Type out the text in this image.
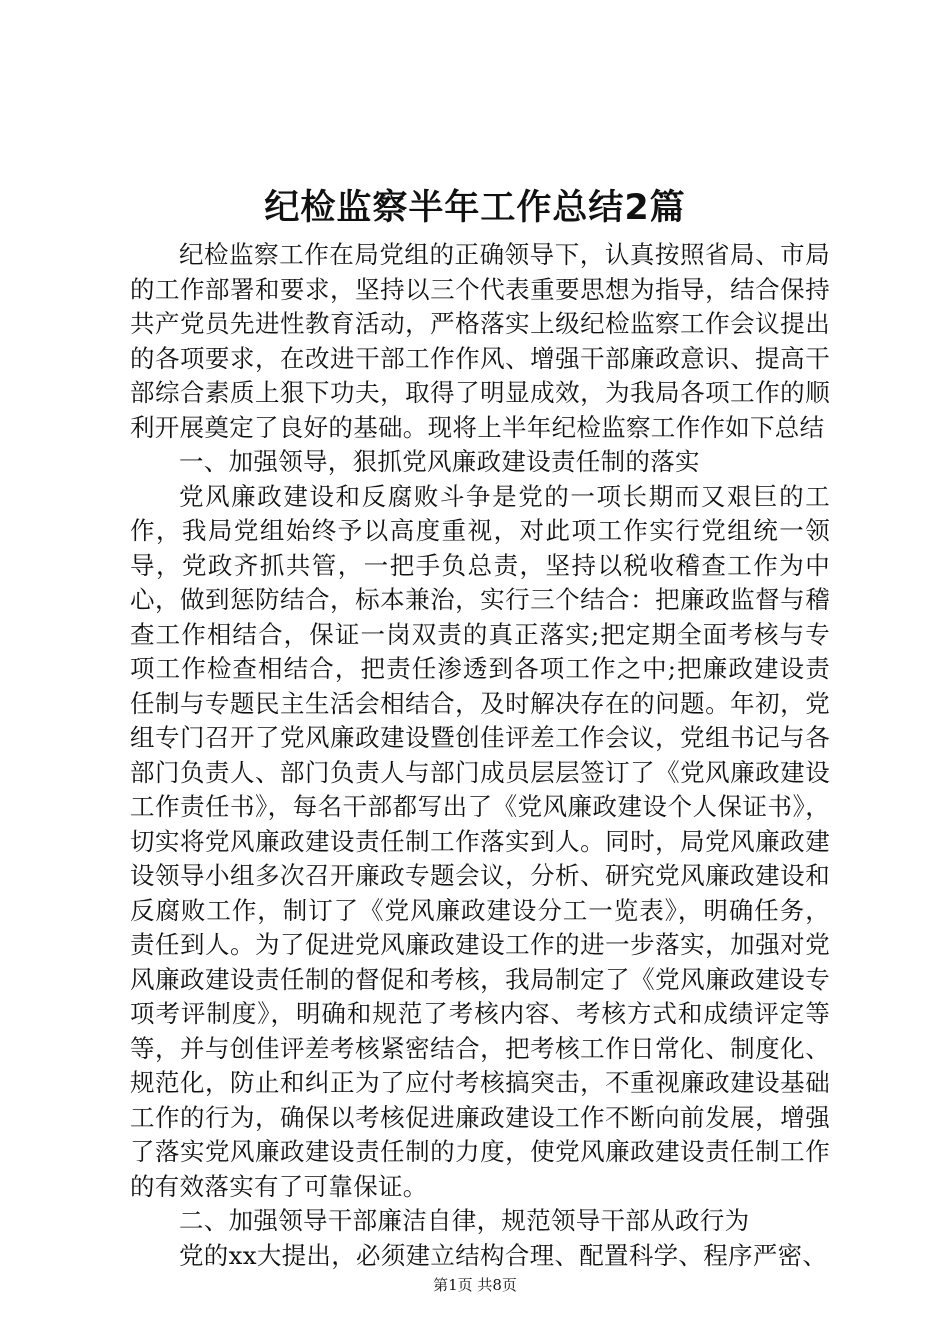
纪检监察半年工作总结2篇

纪检监察工作在局党组的正确领导下，认真按照省局、市局的工作部署和要求，坚持以三个代表重要思想为指导，结合保持共产党员先进性教育活动，严格落实上级纪检监察工作会议提出的各项要求，在改进干部工作作风、增强干部廉政意识、提高干部综合素质上狠下功夫，取得了明显成效，为我局各项工作的顺利开展奠定了良好的基础。现将上半年纪检监察工作作如下总结

一、加强领导，狠抓党风廉政建设责任制的落实

党风廉政建设和反腐败斗争是党的一项长期而又艰巨的工作，我局党组始终予以高度重视，对此项工作实行党组统一领导，党政齐抓共管，一把手负总责，坚持以税收稽查工作为中心，做到惩防结合，标本兼治，实行三个结合：把廉政监督与稽查工作相结合，保证一岗双责的真正落实;把定期全面考核与专项工作检查相结合，把责任渗透到各项工作之中;把廉政建设责任制与专题民主生活会相结合，及时解决存在的问题。年初，党组专门召开了党风廉政建设暨创佳评差工作会议，党组书记与各部门负责人、部门负责人与部门成员层层签订了《党风廉政建设工作责任书》，每名干部都写出了《党风廉政建设个人保证书》，切实将党风廉政建设责任制工作落实到人。同时，局党风廉政建设领导小组多次召开廉政专题会议，分析、研究党风廉政建设和反腐败工作，制订了《党风廉政建设分工一览表》，明确任务，责任到人。为了促进党风廉政建设工作的进一步落实，加强对党风廉政建设责任制的督促和考核，我局制定了《党风廉政建设专项考评制度》，明确和规范了考核内容、考核方式和成绩评定等等，并与创佳评差考核紧密结合，把考核工作日常化、制度化、规范化，防止和纠正为了应付考核搞突击，不重视廉政建设基础工作的行为，确保以考核促进廉政建设工作不断向前发展，增强了落实党风廉政建设责任制的力度，使党风廉政建设责任制工作的有效落实有了可靠保证。

二、加强领导干部廉洁自律，规范领导干部从政行为

党的xx大提出，必须建立结构合理、配置科学、程序严密、

第1页 共8页
